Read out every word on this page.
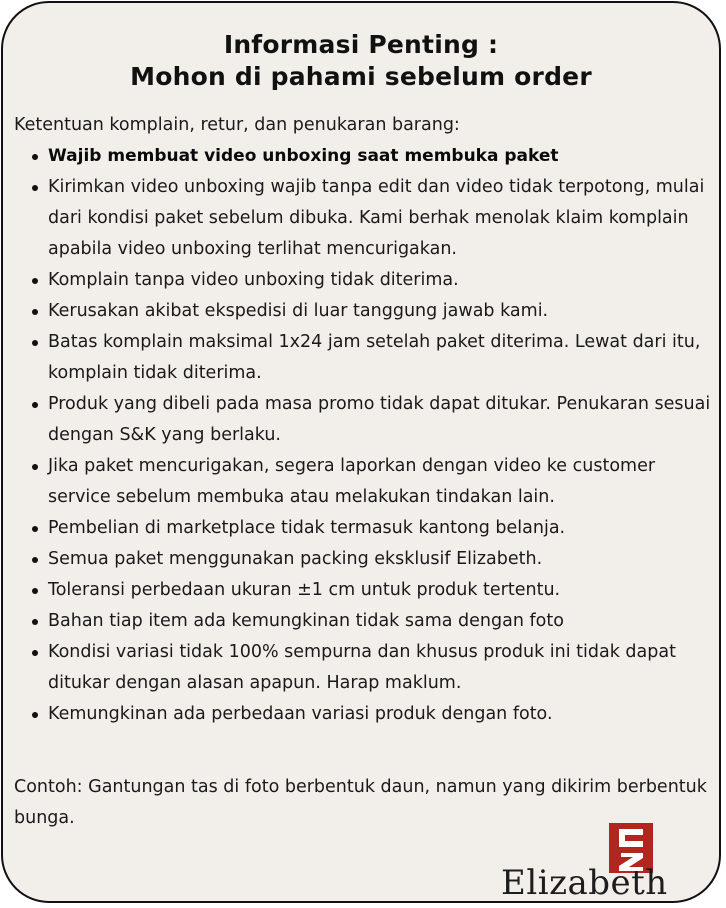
Informasi Penting :
Mohon di pahami sebelum order
Ketentuan komplain, retur, dan penukaran barang:
Wajib membuat video unboxing saat membuka paket
Kirimkan video unboxing wajib tanpa edit dan video tidak terpotong, mulai dari kondisi paket sebelum dibuka. Kami berhak menolak klaim komplain apabila video unboxing terlihat mencurigakan.
Komplain tanpa video unboxing tidak diterima.
Kerusakan akibat ekspedisi di luar tanggung jawab kami.
Batas komplain maksimal 1x24 jam setelah paket diterima. Lewat dari itu, komplain tidak diterima.
Produk yang dibeli pada masa promo tidak dapat ditukar. Penukaran sesuai dengan S&K yang berlaku.
Jika paket mencurigakan, segera laporkan dengan video ke customer service sebelum membuka atau melakukan tindakan lain.
Pembelian di marketplace tidak termasuk kantong belanja.
Semua paket menggunakan packing eksklusif Elizabeth.
Toleransi perbedaan ukuran ±1 cm untuk produk tertentu.
Bahan tiap item ada kemungkinan tidak sama dengan foto
Kondisi variasi tidak 100% sempurna dan khusus produk ini tidak dapat ditukar dengan alasan apapun. Harap maklum.
Kemungkinan ada perbedaan variasi produk dengan foto.
Contoh: Gantungan tas di foto berbentuk daun, namun yang dikirim berbentuk bunga.
Elizabeth
